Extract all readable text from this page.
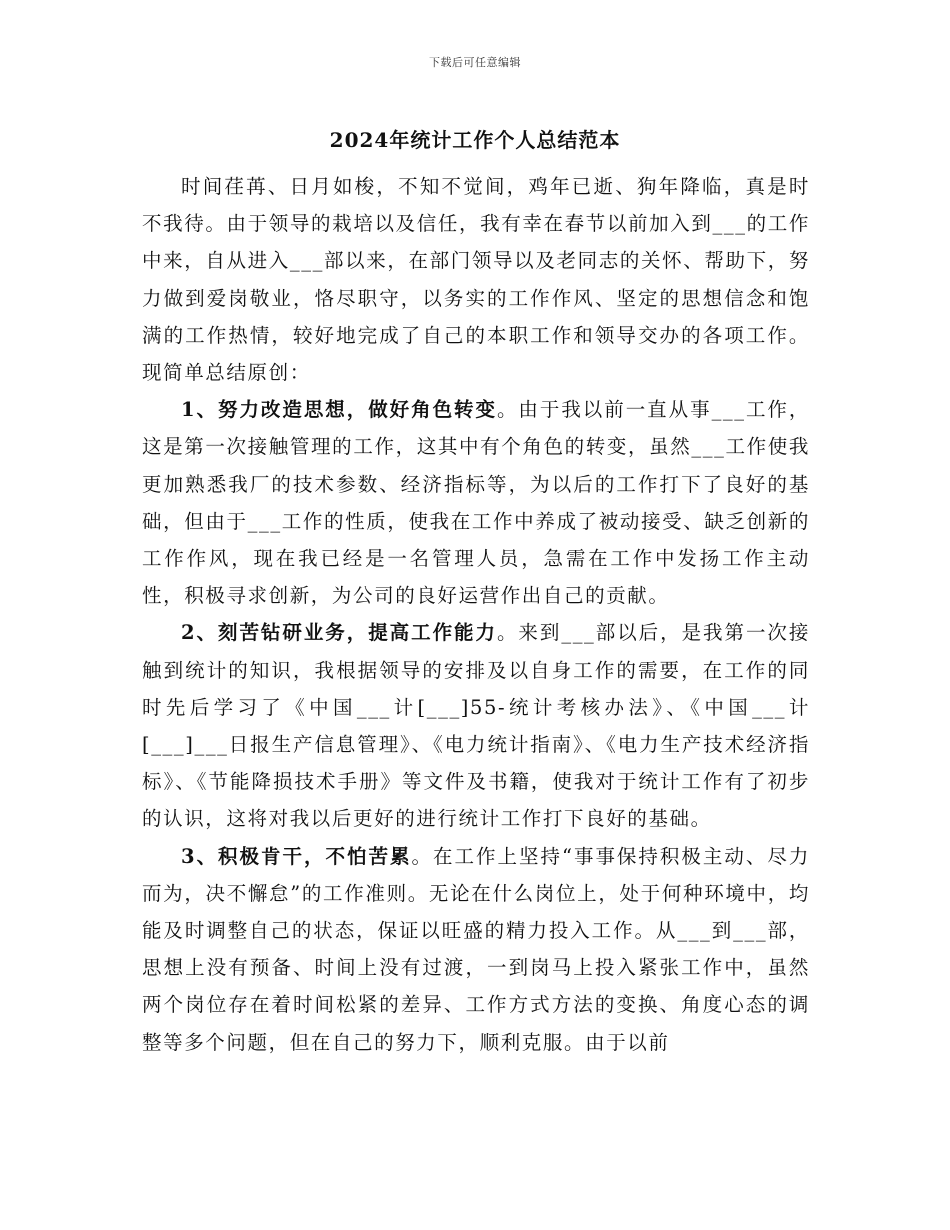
下载后可任意编辑
2024年统计工作个人总结范本

时间荏苒、日月如梭，不知不觉间，鸡年已逝、狗年降临，真是时不我待。由于领导的栽培以及信任，我有幸在春节以前加入到___的工作中来，自从进入___部以来，在部门领导以及老同志的关怀、帮助下，努力做到爱岗敬业，恪尽职守，以务实的工作作风、坚定的思想信念和饱满的工作热情，较好地完成了自己的本职工作和领导交办的各项工作。现简单总结原创：

1、努力改造思想，做好角色转变。由于我以前一直从事___工作，这是第一次接触管理的工作，这其中有个角色的转变，虽然___工作使我更加熟悉我厂的技术参数、经济指标等，为以后的工作打下了良好的基础，但由于___工作的性质，使我在工作中养成了被动接受、缺乏创新的工作作风，现在我已经是一名管理人员，急需在工作中发扬工作主动性，积极寻求创新，为公司的良好运营作出自己的贡献。

2、刻苦钻研业务，提高工作能力。来到___部以后，是我第一次接触到统计的知识，我根据领导的安排及以自身工作的需要，在工作的同时先后学习了《中国___计[___]55-统计考核办法》、《中国___计[___]___日报生产信息管理》、《电力统计指南》、《电力生产技术经济指标》、《节能降损技术手册》等文件及书籍，使我对于统计工作有了初步的认识，这将对我以后更好的进行统计工作打下良好的基础。

3、积极肯干，不怕苦累。在工作上坚持“事事保持积极主动、尽力而为，决不懈怠”的工作准则。无论在什么岗位上，处于何种环境中，均能及时调整自己的状态，保证以旺盛的精力投入工作。从___到___部，思想上没有预备、时间上没有过渡，一到岗马上投入紧张工作中，虽然两个岗位存在着时间松紧的差异、工作方式方法的变换、角度心态的调整等多个问题，但在自己的努力下，顺利克服。由于以前
